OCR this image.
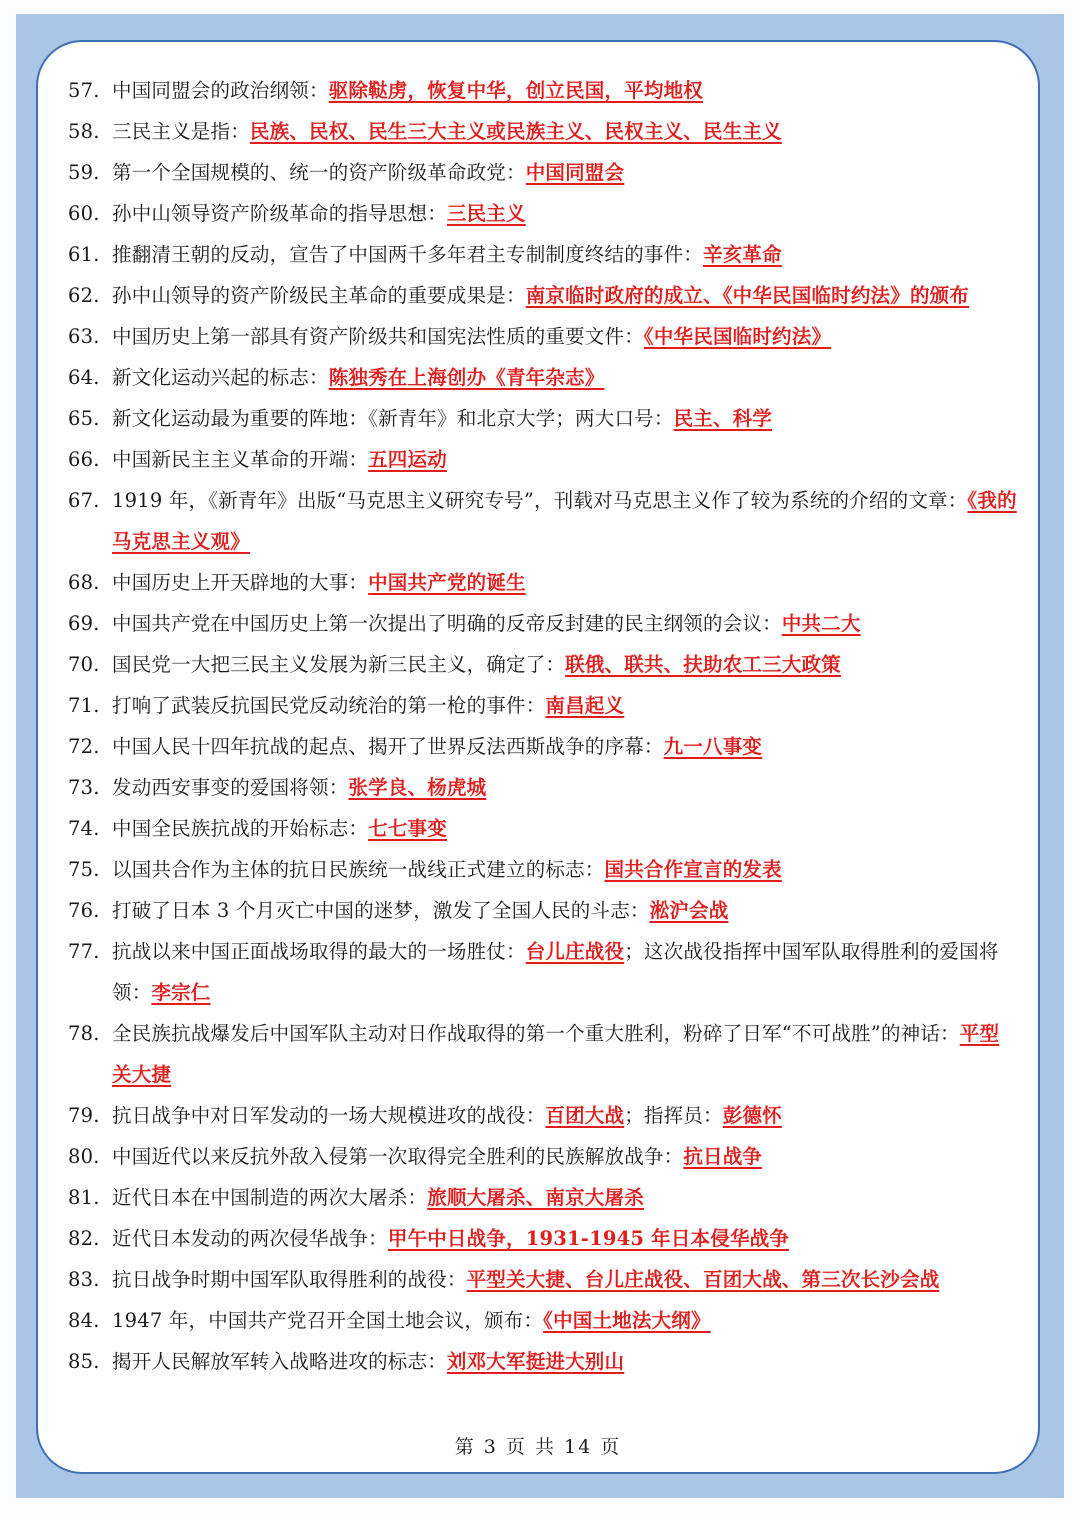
57. 中国同盟会的政治纲领：驱除鞑虏，恢复中华，创立民国，平均地权
58. 三民主义是指：民族、民权、民生三大主义或民族主义、民权主义、民生主义
59. 第一个全国规模的、统一的资产阶级革命政党：中国同盟会
60. 孙中山领导资产阶级革命的指导思想：三民主义
61. 推翻清王朝的反动，宣告了中国两千多年君主专制制度终结的事件：辛亥革命
62. 孙中山领导的资产阶级民主革命的重要成果是：南京临时政府的成立、《中华民国临时约法》的颁布
63. 中国历史上第一部具有资产阶级共和国宪法性质的重要文件：《中华民国临时约法》
64. 新文化运动兴起的标志：陈独秀在上海创办《青年杂志》
65. 新文化运动最为重要的阵地：《新青年》和北京大学；两大口号：民主、科学
66. 中国新民主主义革命的开端：五四运动
67. 1919 年，《新青年》出版“马克思主义研究专号”，刊载对马克思主义作了较为系统的介绍的文章：《我的马克思主义观》
68. 中国历史上开天辟地的大事：中国共产党的诞生
69. 中国共产党在中国历史上第一次提出了明确的反帝反封建的民主纲领的会议：中共二大
70. 国民党一大把三民主义发展为新三民主义，确定了：联俄、联共、扶助农工三大政策
71. 打响了武装反抗国民党反动统治的第一枪的事件：南昌起义
72. 中国人民十四年抗战的起点、揭开了世界反法西斯战争的序幕：九一八事变
73. 发动西安事变的爱国将领：张学良、杨虎城
74. 中国全民族抗战的开始标志：七七事变
75. 以国共合作为主体的抗日民族统一战线正式建立的标志：国共合作宣言的发表
76. 打破了日本 3 个月灭亡中国的迷梦，激发了全国人民的斗志：淞沪会战
77. 抗战以来中国正面战场取得的最大的一场胜仗：台儿庄战役；这次战役指挥中国军队取得胜利的爱国将领：李宗仁
78. 全民族抗战爆发后中国军队主动对日作战取得的第一个重大胜利，粉碎了日军“不可战胜”的神话：平型关大捷
79. 抗日战争中对日军发动的一场大规模进攻的战役：百团大战；指挥员：彭德怀
80. 中国近代以来反抗外敌入侵第一次取得完全胜利的民族解放战争：抗日战争
81. 近代日本在中国制造的两次大屠杀：旅顺大屠杀、南京大屠杀
82. 近代日本发动的两次侵华战争：甲午中日战争，1931-1945 年日本侵华战争
83. 抗日战争时期中国军队取得胜利的战役：平型关大捷、台儿庄战役、百团大战、第三次长沙会战
84. 1947 年，中国共产党召开全国土地会议，颁布：《中国土地法大纲》
85. 揭开人民解放军转入战略进攻的标志：刘邓大军挺进大别山
第 3 页 共 14 页
